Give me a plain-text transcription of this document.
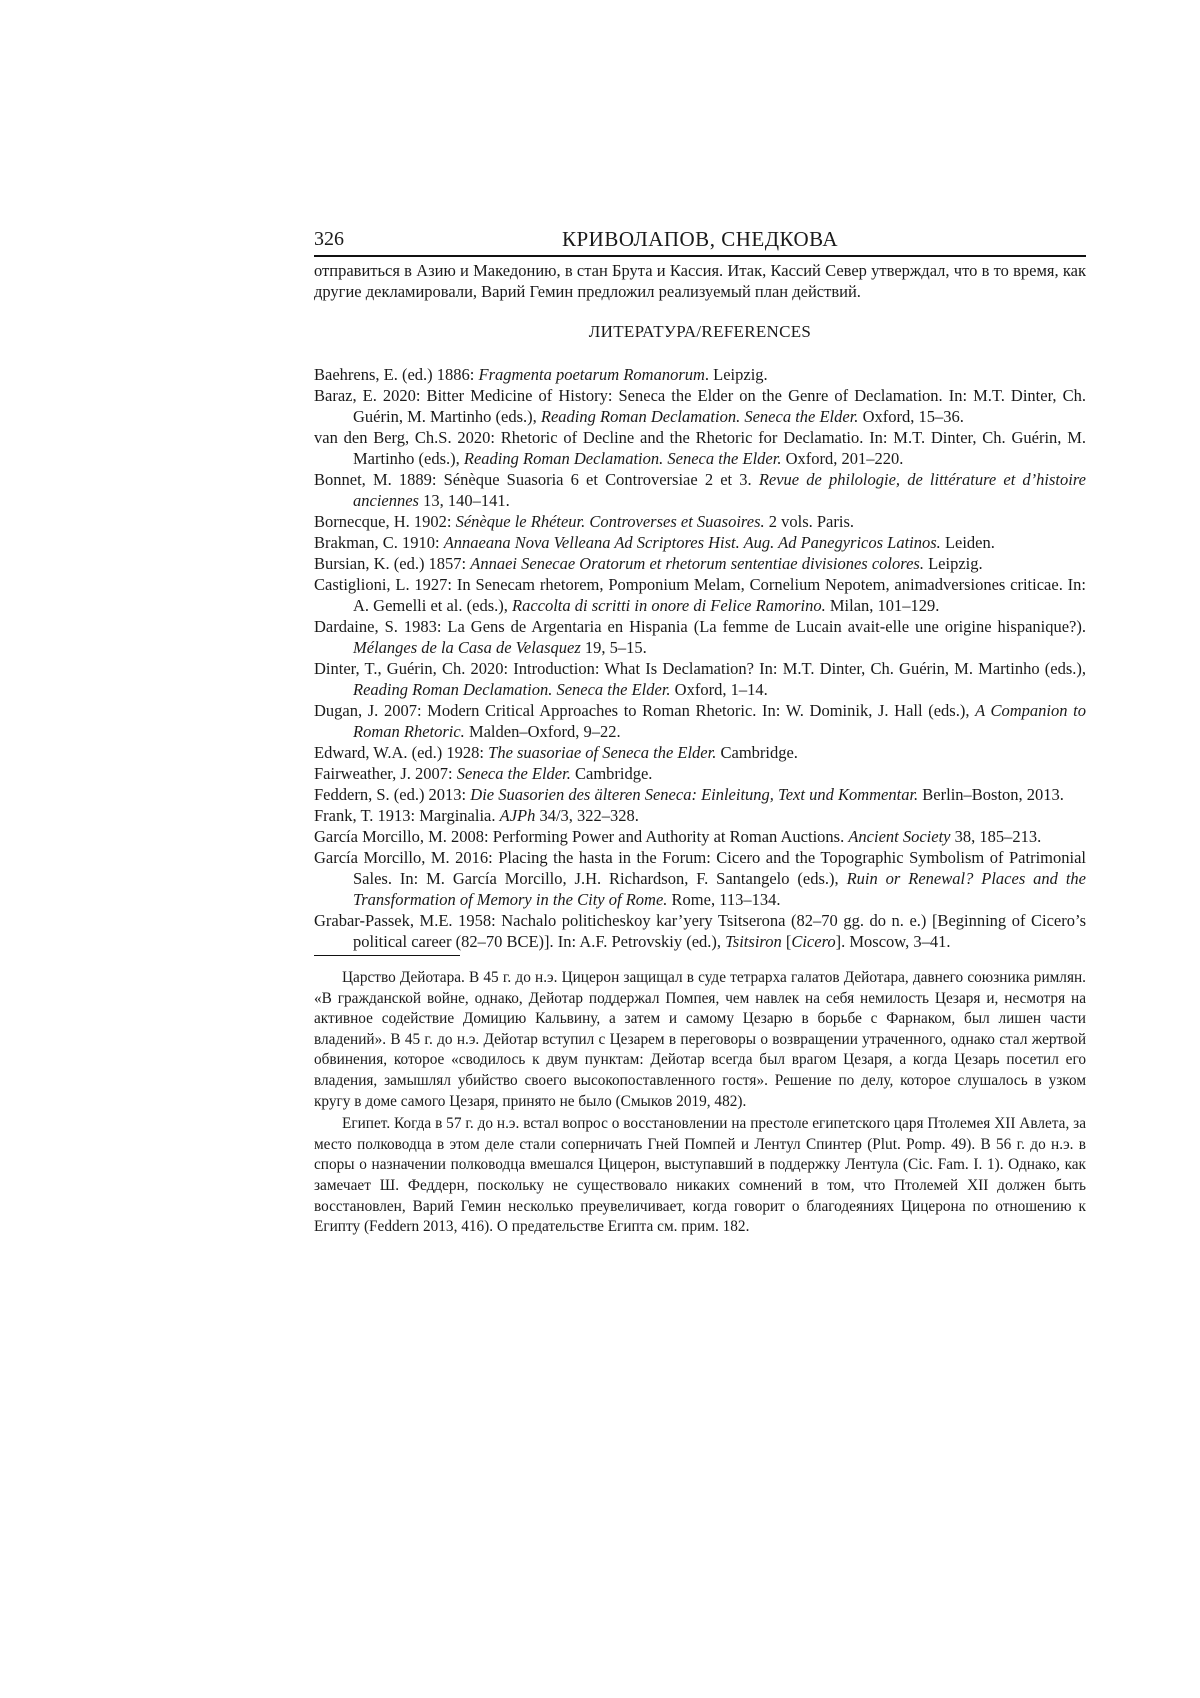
326	КРИВОЛАПОВ, СНЕДКОВА

отправиться в Азию и Македонию, в стан Брута и Кассия. Итак, Кассий Север утверждал, что в то время, как другие декламировали, Варий Гемин предложил реализуемый план действий.

ЛИТЕРАТУРА/REFERENCES

Baehrens, E. (ed.) 1886: Fragmenta poetarum Romanorum. Leipzig.

Baraz, E. 2020: Bitter Medicine of History: Seneca the Elder on the Genre of Declamation. In: M.T. Dinter, Ch. Guérin, M. Martinho (eds.), Reading Roman Declamation. Seneca the Elder. Oxford, 15–36.

van den Berg, Ch.S. 2020: Rhetoric of Decline and the Rhetoric for Declamatio. In: M.T. Dinter, Ch. Guérin, M. Martinho (eds.), Reading Roman Declamation. Seneca the Elder. Oxford, 201–220.

Bonnet, M. 1889: Sénèque Suasoria 6 et Controversiae 2 et 3. Revue de philologie, de littérature et d’histoire anciennes 13, 140–141.

Bornecque, H. 1902: Sénèque le Rhéteur. Controverses et Suasoires. 2 vols. Paris.

Brakman, C. 1910: Annaeana Nova Velleana Ad Scriptores Hist. Aug. Ad Panegyricos Latinos. Leiden.

Bursian, K. (ed.) 1857: Annaei Senecae Oratorum et rhetorum sententiae divisiones colores. Leipzig.

Castiglioni, L. 1927: In Senecam rhetorem, Pomponium Melam, Cornelium Nepotem, animadversiones criticae. In: A. Gemelli et al. (eds.), Raccolta di scritti in onore di Felice Ramorino. Milan, 101–129.

Dardaine, S. 1983: La Gens de Argentaria en Hispania (La femme de Lucain avait-elle une origine hispanique?). Mélanges de la Casa de Velasquez 19, 5–15.

Dinter, T., Guérin, Ch. 2020: Introduction: What Is Declamation? In: M.T. Dinter, Ch. Guérin, M. Martinho (eds.), Reading Roman Declamation. Seneca the Elder. Oxford, 1–14.

Dugan, J. 2007: Modern Critical Approaches to Roman Rhetoric. In: W. Dominik, J. Hall (eds.), A Companion to Roman Rhetoric. Malden–Oxford, 9–22.

Edward, W.A. (ed.) 1928: The suasoriae of Seneca the Elder. Cambridge.

Fairweather, J. 2007: Seneca the Elder. Cambridge.

Feddern, S. (ed.) 2013: Die Suasorien des älteren Seneca: Einleitung, Text und Kommentar. Berlin–Boston, 2013.

Frank, T. 1913: Marginalia. AJPh 34/3, 322–328.

García Morcillo, M. 2008: Performing Power and Authority at Roman Auctions. Ancient Society 38, 185–213.

García Morcillo, M. 2016: Placing the hasta in the Forum: Cicero and the Topographic Symbolism of Patrimonial Sales. In: M. García Morcillo, J.H. Richardson, F. Santangelo (eds.), Ruin or Renewal? Places and the Transformation of Memory in the City of Rome. Rome, 113–134.

Grabar-Passek, M.E. 1958: Nachalo politicheskoy kar’yery Tsitserona (82–70 gg. do n. e.) [Beginning of Cicero’s political career (82–70 BCE)]. In: A.F. Petrovskiy (ed.), Tsitsiron [Cicero]. Moscow, 3–41.

Царство Дейотара. В 45 г. до н.э. Цицерон защищал в суде тетрарха галатов Дейотара, давнего союзника римлян. «В гражданской войне, однако, Дейотар поддержал Помпея, чем навлек на себя немилость Цезаря и, несмотря на активное содействие Домицию Кальвину, а затем и самому Цезарю в борьбе с Фарнаком, был лишен части владений». В 45 г. до н.э. Дейотар вступил с Цезарем в переговоры о возвращении утраченного, однако стал жертвой обвинения, которое «сводилось к двум пунктам: Дейотар всегда был врагом Цезаря, а когда Цезарь посетил его владения, замышлял убийство своего высокопоставленного гостя». Решение по делу, которое слушалось в узком кругу в доме самого Цезаря, принято не было (Смыков 2019, 482).

Египет. Когда в 57 г. до н.э. встал вопрос о восстановлении на престоле египетского царя Птолемея XII Авлета, за место полководца в этом деле стали соперничать Гней Помпей и Лентул Спинтер (Plut. Pomp. 49). В 56 г. до н.э. в споры о назначении полководца вмешался Цицерон, выступавший в поддержку Лентула (Cic. Fam. I. 1). Однако, как замечает Ш. Феддерн, поскольку не существовало никаких сомнений в том, что Птолемей XII должен быть восстановлен, Варий Гемин несколько преувеличивает, когда говорит о благодеяниях Цицерона по отношению к Египту (Feddern 2013, 416). О предательстве Египта см. прим. 182.
